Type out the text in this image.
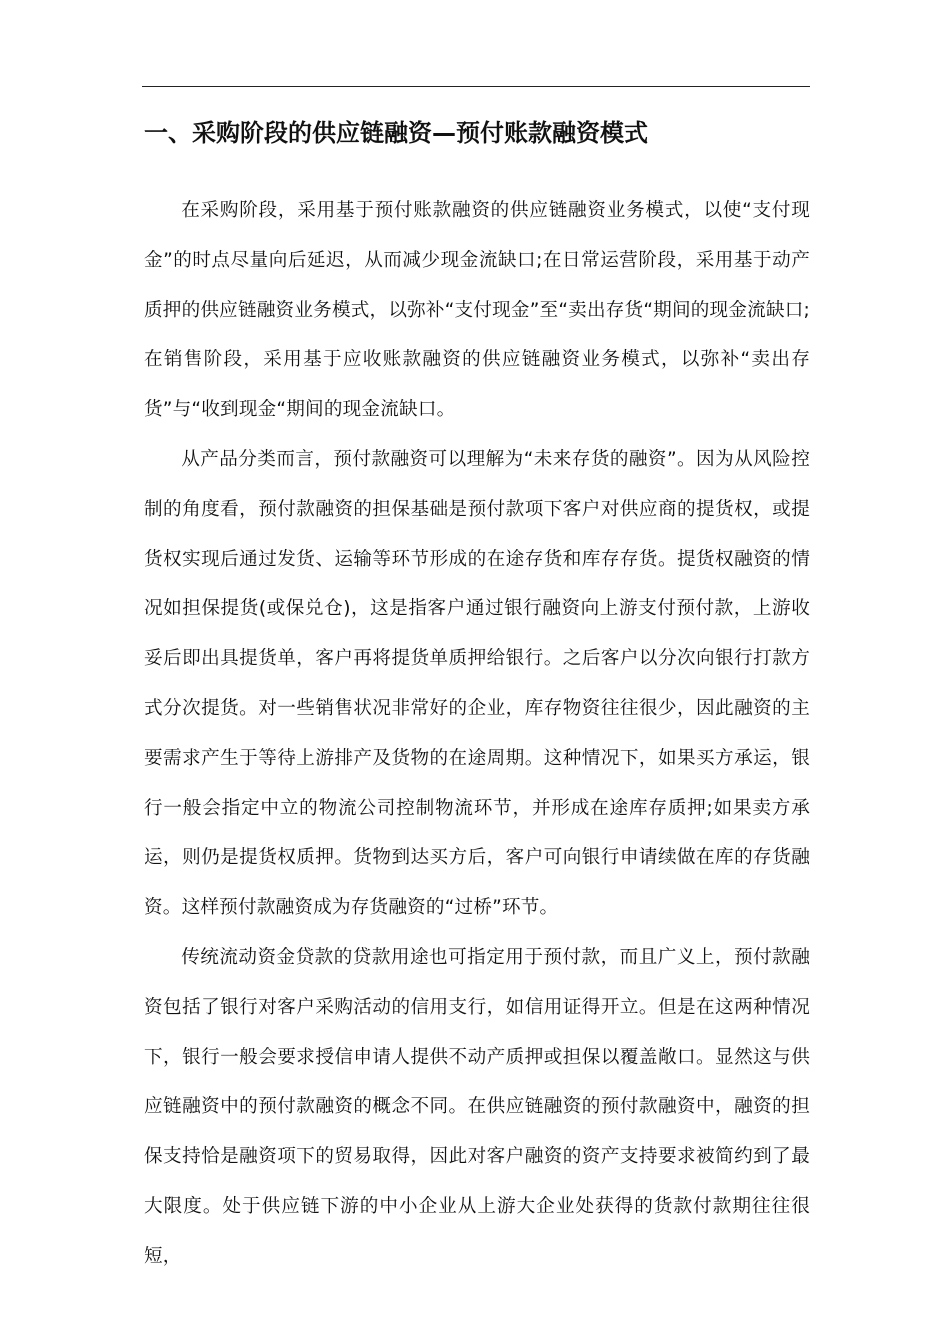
一、采购阶段的供应链融资—预付账款融资模式

在采购阶段，采用基于预付账款融资的供应链融资业务模式，以使“支付现金”的时点尽量向后延迟，从而减少现金流缺口;在日常运营阶段，采用基于动产质押的供应链融资业务模式，以弥补“支付现金”至“卖出存货“期间的现金流缺口;在销售阶段，采用基于应收账款融资的供应链融资业务模式，以弥补“卖出存货”与“收到现金“期间的现金流缺口。

从产品分类而言，预付款融资可以理解为“未来存货的融资”。因为从风险控制的角度看，预付款融资的担保基础是预付款项下客户对供应商的提货权，或提货权实现后通过发货、运输等环节形成的在途存货和库存存货。提货权融资的情况如担保提货(或保兑仓)，这是指客户通过银行融资向上游支付预付款，上游收妥后即出具提货单，客户再将提货单质押给银行。之后客户以分次向银行打款方式分次提货。对一些销售状况非常好的企业，库存物资往往很少，因此融资的主要需求产生于等待上游排产及货物的在途周期。这种情况下，如果买方承运，银行一般会指定中立的物流公司控制物流环节，并形成在途库存质押;如果卖方承运，则仍是提货权质押。货物到达买方后，客户可向银行申请续做在库的存货融资。这样预付款融资成为存货融资的“过桥”环节。

传统流动资金贷款的贷款用途也可指定用于预付款，而且广义上，预付款融资包括了银行对客户采购活动的信用支行，如信用证得开立。但是在这两种情况下，银行一般会要求授信申请人提供不动产质押或担保以覆盖敞口。显然这与供应链融资中的预付款融资的概念不同。在供应链融资的预付款融资中，融资的担保支持恰是融资项下的贸易取得，因此对客户融资的资产支持要求被简约到了最大限度。处于供应链下游的中小企业从上游大企业处获得的货款付款期往往很短，
